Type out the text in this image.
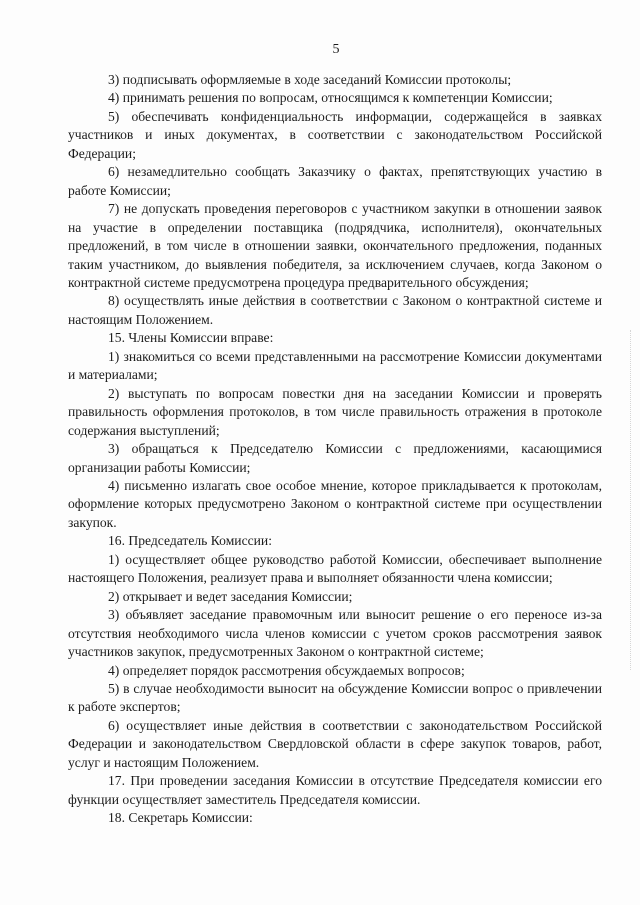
5

3) подписывать оформляемые в ходе заседаний Комиссии протоколы;

4) принимать решения по вопросам, относящимся к компетенции Комиссии;

5) обеспечивать конфиденциальность информации, содержащейся в заявках участников и иных документах, в соответствии с законодательством Российской Федерации;

6) незамедлительно сообщать Заказчику о фактах, препятствующих участию в работе Комиссии;

7) не допускать проведения переговоров с участником закупки в отношении заявок на участие в определении поставщика (подрядчика, исполнителя), окончательных предложений, в том числе в отношении заявки, окончательного предложения, поданных таким участником, до выявления победителя, за исключением случаев, когда Законом о контрактной системе предусмотрена процедура предварительного обсуждения;

8) осуществлять иные действия в соответствии с Законом о контрактной системе и настоящим Положением.

15. Члены Комиссии вправе:

1) знакомиться со всеми представленными на рассмотрение Комиссии документами и материалами;

2) выступать по вопросам повестки дня на заседании Комиссии и проверять правильность оформления протоколов, в том числе правильность отражения в протоколе содержания выступлений;

3) обращаться к Председателю Комиссии с предложениями, касающимися организации работы Комиссии;

4) письменно излагать свое особое мнение, которое прикладывается к протоколам, оформление которых предусмотрено Законом о контрактной системе при осуществлении закупок.

16. Председатель Комиссии:

1) осуществляет общее руководство работой Комиссии, обеспечивает выполнение настоящего Положения, реализует права и выполняет обязанности члена комиссии;

2) открывает и ведет заседания Комиссии;

3) объявляет заседание правомочным или выносит решение о его переносе из-за отсутствия необходимого числа членов комиссии с учетом сроков рассмотрения заявок участников закупок, предусмотренных Законом о контрактной системе;

4) определяет порядок рассмотрения обсуждаемых вопросов;

5) в случае необходимости выносит на обсуждение Комиссии вопрос о привлечении к работе экспертов;

6) осуществляет иные действия в соответствии с законодательством Российской Федерации и законодательством Свердловской области в сфере закупок товаров, работ, услуг и настоящим Положением.

17. При проведении заседания Комиссии в отсутствие Председателя комиссии его функции осуществляет заместитель Председателя комиссии.

18. Секретарь Комиссии:
